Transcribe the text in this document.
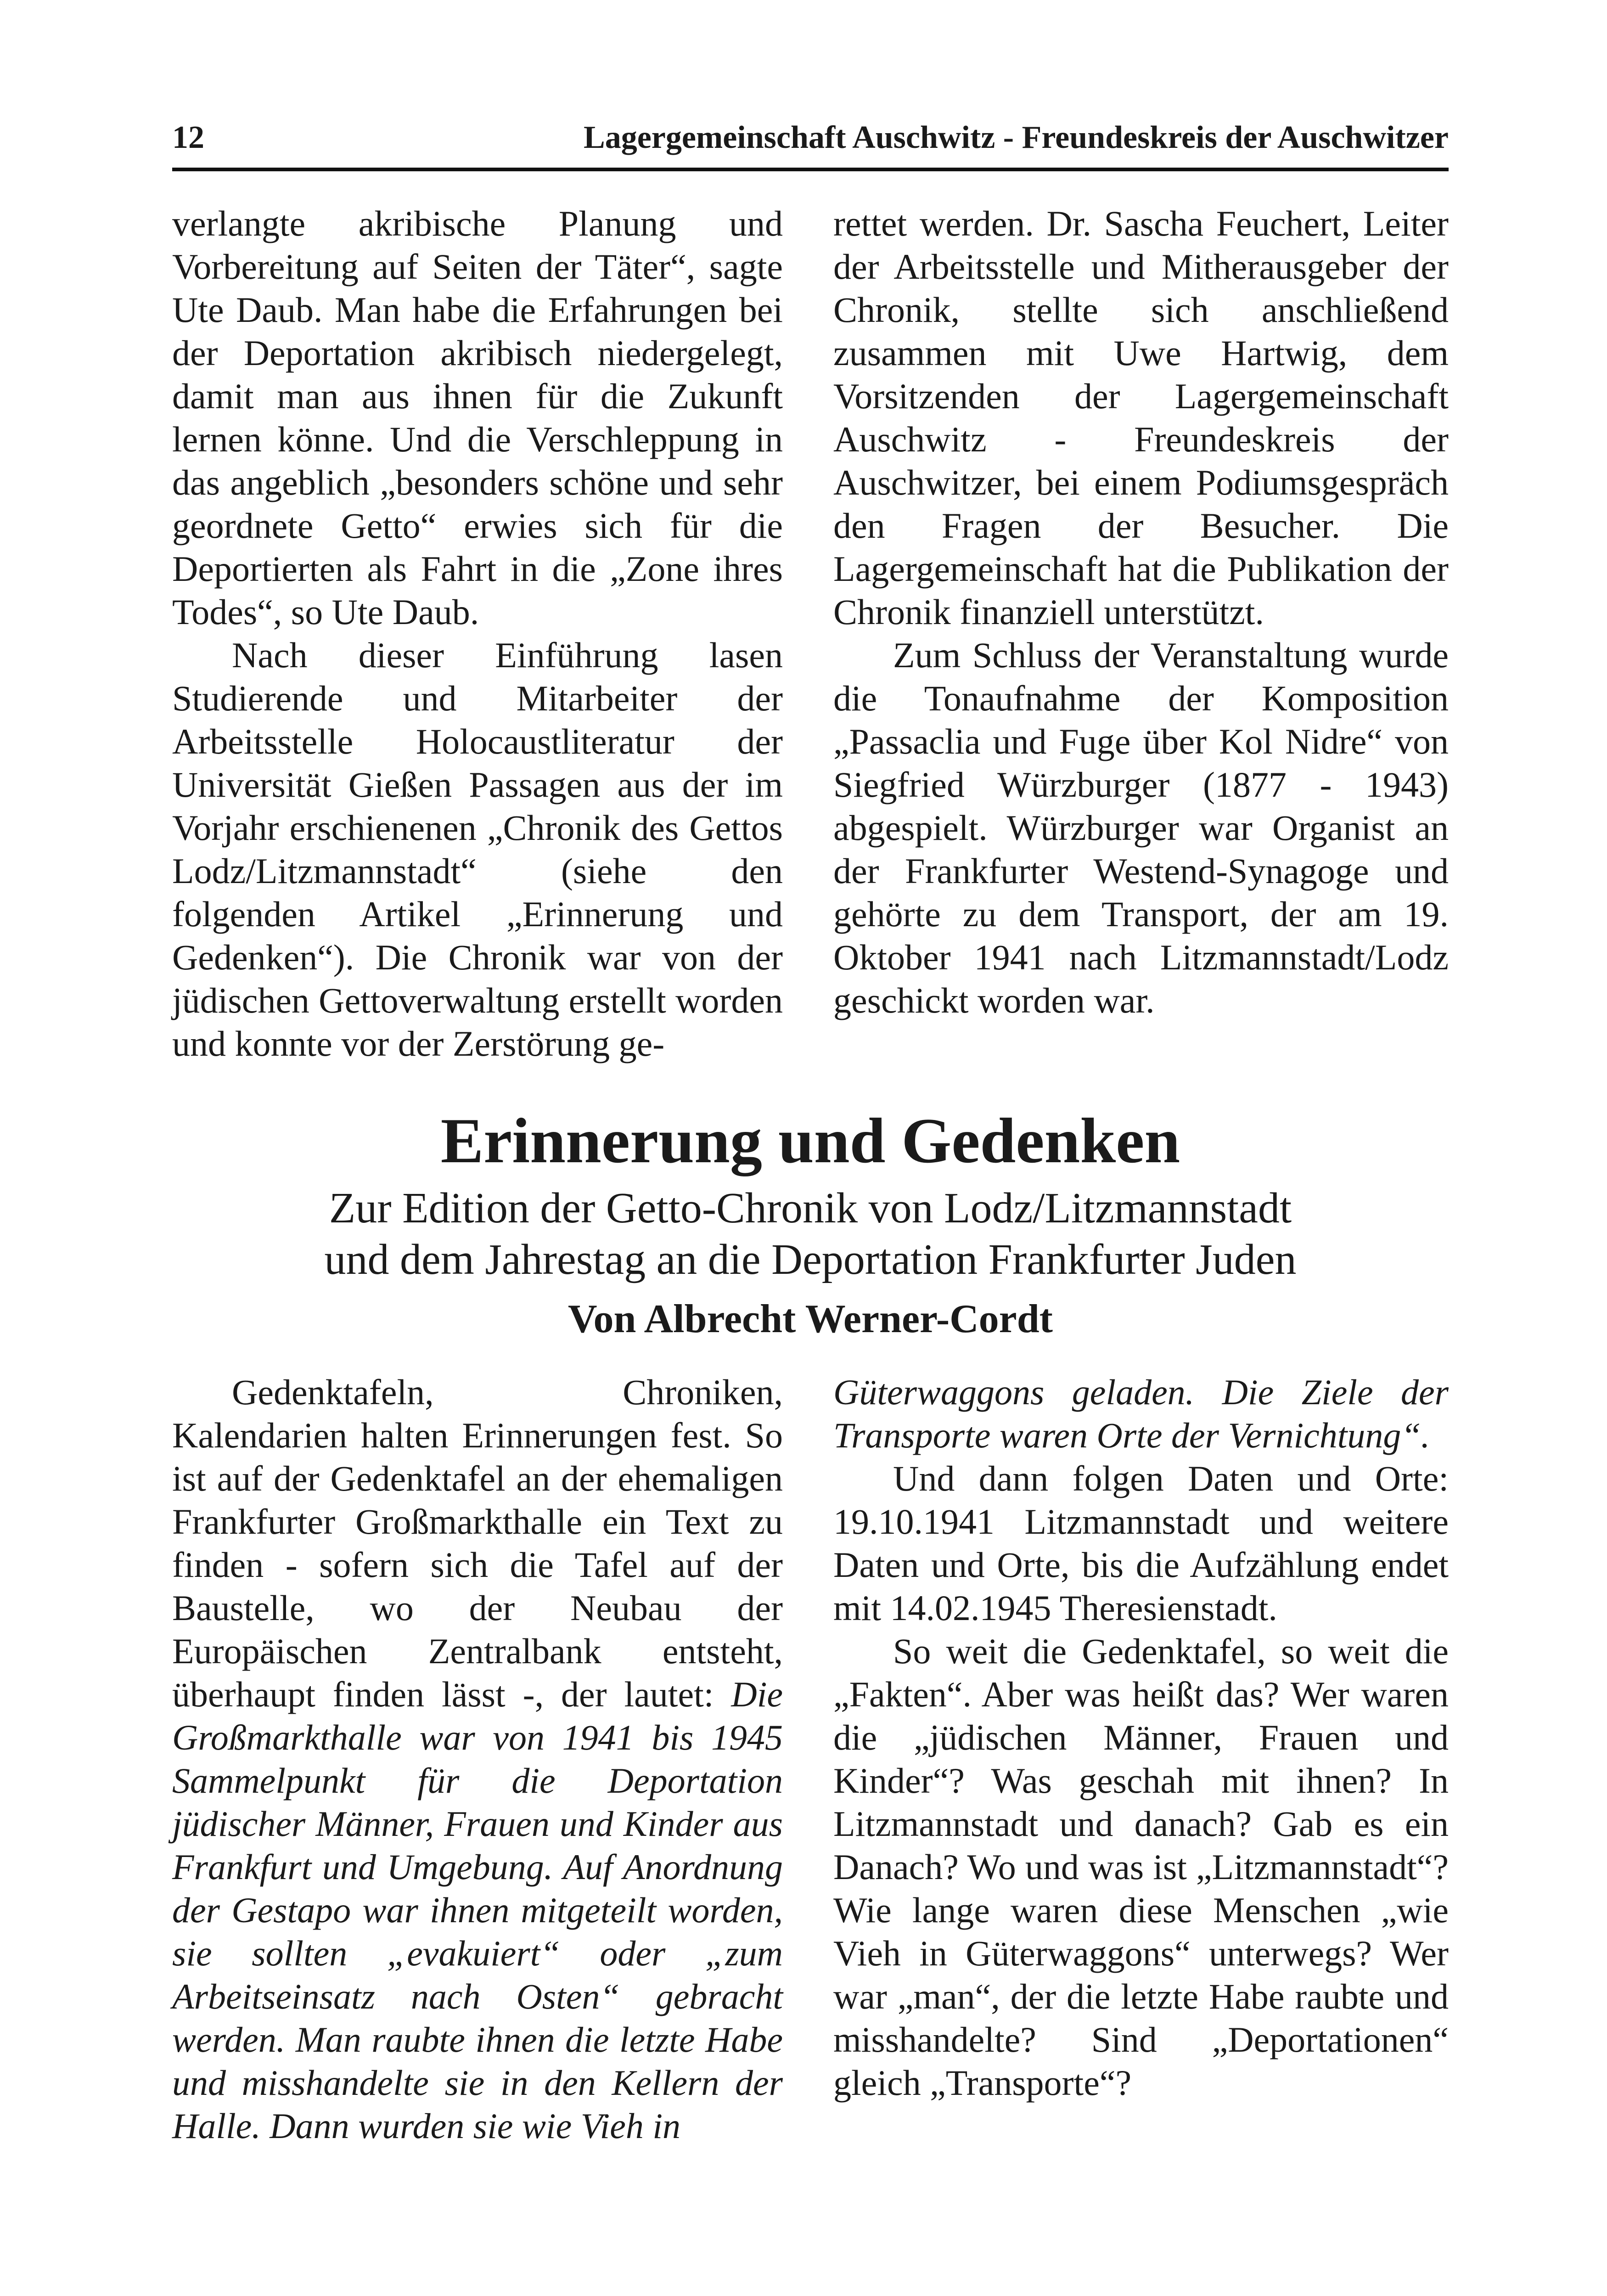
12	Lagergemeinschaft Auschwitz - Freundeskreis der Auschwitzer

verlangte akribische Planung und Vorbereitung auf Seiten der Täter“, sagte Ute Daub. Man habe die Erfahrungen bei der Deportation akribisch niedergelegt, damit man aus ihnen für die Zukunft lernen könne. Und die Verschleppung in das angeblich „besonders schöne und sehr geordnete Getto“ erwies sich für die Deportierten als Fahrt in die „Zone ihres Todes“, so Ute Daub.

Nach dieser Einführung lasen Studierende und Mitarbeiter der Arbeitsstelle Holocaustliteratur der Universität Gießen Passagen aus der im Vorjahr erschienenen „Chronik des Gettos Lodz/Litzmannstadt“ (siehe den folgenden Artikel „Erinnerung und Gedenken“). Die Chronik war von der jüdischen Gettoverwaltung erstellt worden und konnte vor der Zerstörung ge-

rettet werden. Dr. Sascha Feuchert, Leiter der Arbeitsstelle und Mitherausgeber der Chronik, stellte sich anschließend zusammen mit Uwe Hartwig, dem Vorsitzenden der Lagergemeinschaft Auschwitz - Freundeskreis der Auschwitzer, bei einem Podiumsgespräch den Fragen der Besucher. Die Lagergemeinschaft hat die Publikation der Chronik finanziell unterstützt.

Zum Schluss der Veranstaltung wurde die Tonaufnahme der Komposition „Passaclia und Fuge über Kol Nidre“ von Siegfried Würzburger (1877 - 1943) abgespielt. Würzburger war Organist an der Frankfurter Westend-Synagoge und gehörte zu dem Transport, der am 19. Oktober 1941 nach Litzmannstadt/Lodz geschickt worden war.

Erinnerung und Gedenken
Zur Edition der Getto-Chronik von Lodz/Litzmannstadt
und dem Jahrestag an die Deportation Frankfurter Juden
Von Albrecht Werner-Cordt

Gedenktafeln, Chroniken, Kalendarien halten Erinnerungen fest. So ist auf der Gedenktafel an der ehemaligen Frankfurter Großmarkthalle ein Text zu finden - sofern sich die Tafel auf der Baustelle, wo der Neubau der Europäischen Zentralbank entsteht, überhaupt finden lässt -, der lautet: Die Großmarkthalle war von 1941 bis 1945 Sammelpunkt für die Deportation jüdischer Männer, Frauen und Kinder aus Frankfurt und Umgebung. Auf Anordnung der Gestapo war ihnen mitgeteilt worden, sie sollten „evakuiert“ oder „zum Arbeitseinsatz nach Osten“ gebracht werden. Man raubte ihnen die letzte Habe und misshandelte sie in den Kellern der Halle. Dann wurden sie wie Vieh in

Güterwaggons geladen. Die Ziele der Transporte waren Orte der Vernichtung“.

Und dann folgen Daten und Orte: 19.10.1941 Litzmannstadt und weitere Daten und Orte, bis die Aufzählung endet mit 14.02.1945 Theresienstadt.

So weit die Gedenktafel, so weit die „Fakten“. Aber was heißt das? Wer waren die „jüdischen Männer, Frauen und Kinder“? Was geschah mit ihnen? In Litzmannstadt und danach? Gab es ein Danach? Wo und was ist „Litzmannstadt“? Wie lange waren diese Menschen „wie Vieh in Güterwaggons“ unterwegs? Wer war „man“, der die letzte Habe raubte und misshandelte? Sind „Deportationen“ gleich „Transporte“?
